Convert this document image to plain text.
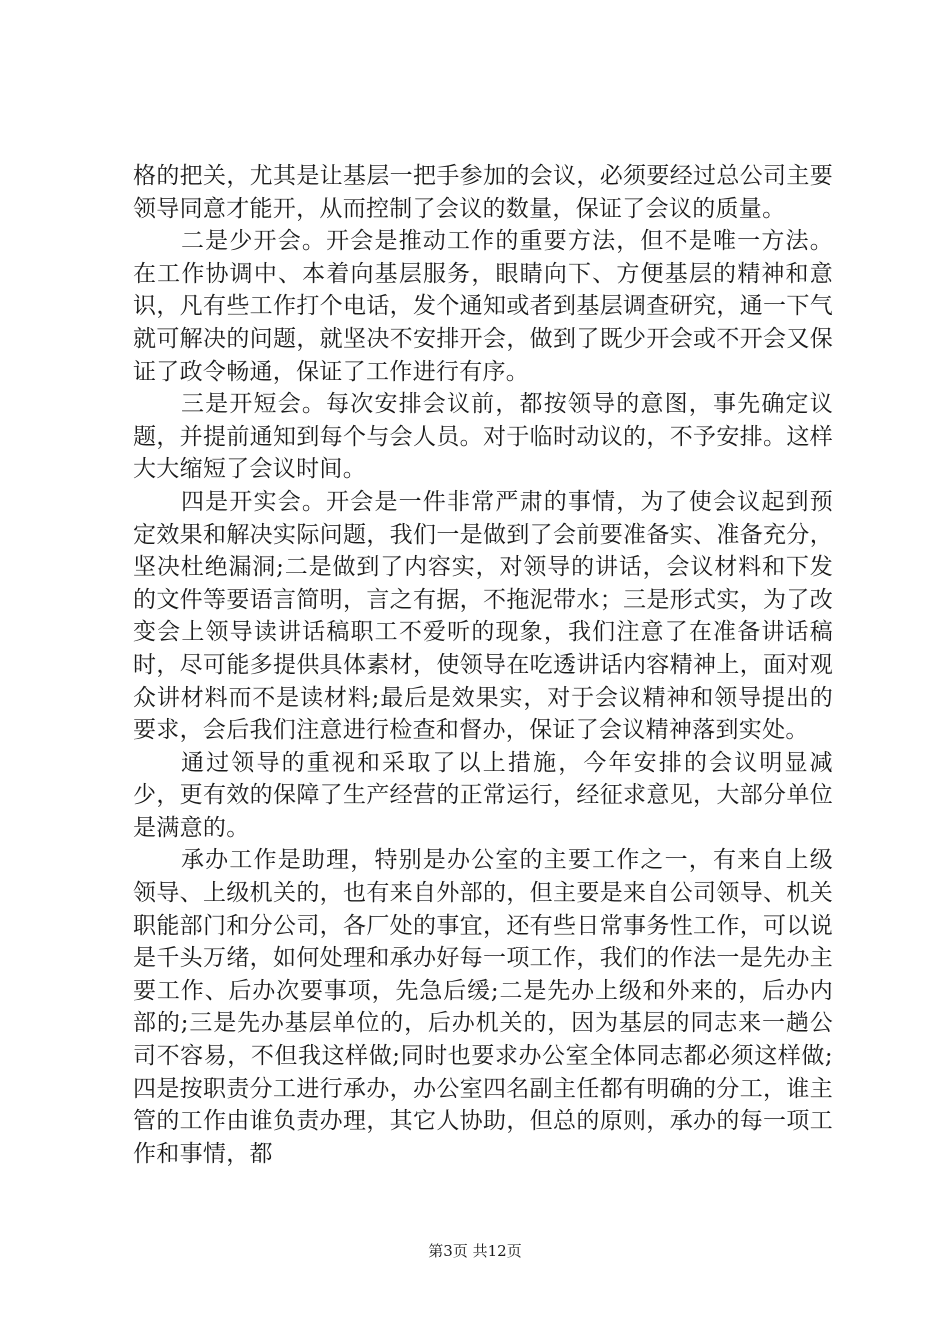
格的把关，尤其是让基层一把手参加的会议，必须要经过总公司主要领导同意才能开，从而控制了会议的数量，保证了会议的质量。

二是少开会。开会是推动工作的重要方法，但不是唯一方法。在工作协调中、本着向基层服务，眼睛向下、方便基层的精神和意识，凡有些工作打个电话，发个通知或者到基层调查研究，通一下气就可解决的问题，就坚决不安排开会，做到了既少开会或不开会又保证了政令畅通，保证了工作进行有序。

三是开短会。每次安排会议前，都按领导的意图，事先确定议题，并提前通知到每个与会人员。对于临时动议的，不予安排。这样大大缩短了会议时间。

四是开实会。开会是一件非常严肃的事情，为了使会议起到预定效果和解决实际问题，我们一是做到了会前要准备实、准备充分，坚决杜绝漏洞;二是做到了内容实，对领导的讲话，会议材料和下发的文件等要语言简明，言之有据，不拖泥带水；三是形式实，为了改变会上领导读讲话稿职工不爱听的现象，我们注意了在准备讲话稿时，尽可能多提供具体素材，使领导在吃透讲话内容精神上，面对观众讲材料而不是读材料;最后是效果实，对于会议精神和领导提出的要求，会后我们注意进行检查和督办，保证了会议精神落到实处。

通过领导的重视和采取了以上措施，今年安排的会议明显减少，更有效的保障了生产经营的正常运行，经征求意见，大部分单位是满意的。

承办工作是助理，特别是办公室的主要工作之一，有来自上级领导、上级机关的，也有来自外部的，但主要是来自公司领导、机关职能部门和分公司，各厂处的事宜，还有些日常事务性工作，可以说是千头万绪，如何处理和承办好每一项工作，我们的作法一是先办主要工作、后办次要事项，先急后缓;二是先办上级和外来的，后办内部的;三是先办基层单位的，后办机关的，因为基层的同志来一趟公司不容易，不但我这样做;同时也要求办公室全体同志都必须这样做;四是按职责分工进行承办，办公室四名副主任都有明确的分工，谁主管的工作由谁负责办理，其它人协助，但总的原则，承办的每一项工作和事情，都

第3页 共12页
